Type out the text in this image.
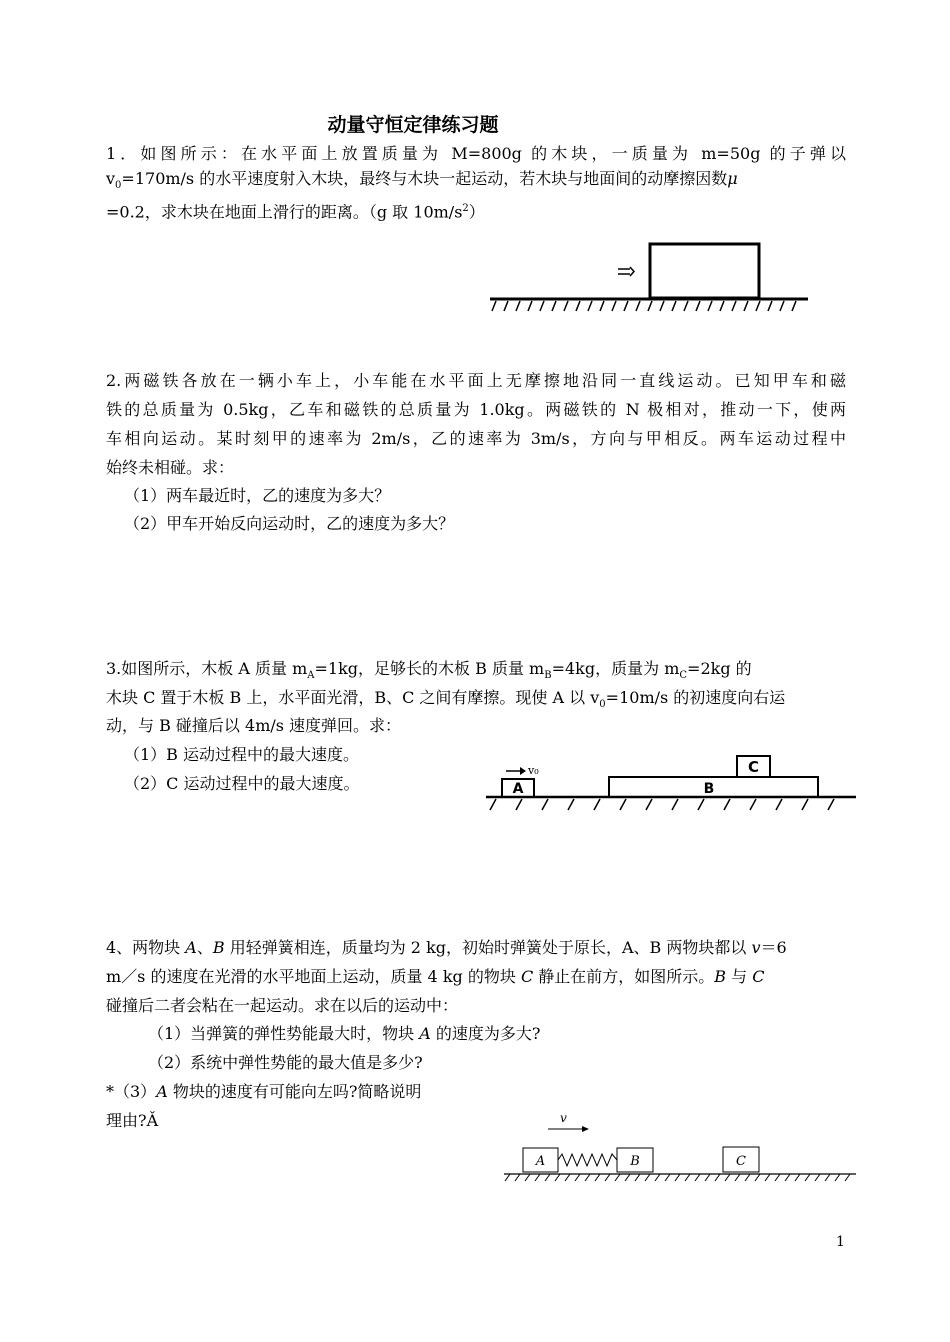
动量守恒定律练习题
1．如图所示：在水平面上放置质量为 M=800g 的木块，一质量为 m=50g 的子弹以
$v_0=170m/s$ 的水平速度射入木块，最终与木块一起运动，若木块与地面间的动摩擦因数μ
=0.2，求木块在地面上滑行的距离。（g 取 $10m/s^2$）
2.两磁铁各放在一辆小车上，小车能在水平面上无摩擦地沿同一直线运动。已知甲车和磁
铁的总质量为 0.5kg，乙车和磁铁的总质量为 1.0kg。两磁铁的 N 极相对，推动一下，使两
车相向运动。某时刻甲的速率为 2m/s，乙的速率为 3m/s，方向与甲相反。两车运动过程中
始终未相碰。求：
（1）两车最近时，乙的速度为多大？
（2）甲车开始反向运动时，乙的速度为多大？
3.如图所示，木板 A 质量 $m_A=1kg$，足够长的木板 B 质量 $m_B=4kg$，质量为 $m_C=2kg$ 的
木块 C 置于木板 B 上，水平面光滑，B、C 之间有摩擦。现使 A 以 $v_0=10m/s$ 的初速度向右运
动，与 B 碰撞后以 4m/s 速度弹回。求：
（1）B 运动过程中的最大速度。
（2）C 运动过程中的最大速度。	A
v₀
B
C
4、两物块 A、B 用轻弹簧相连，质量均为 2 kg，初始时弹簧处于原长，A、B 两物块都以 v＝6
m／s 的速度在光滑的水平地面上运动，质量 4 kg 的物块 C 静止在前方，如图所示。B 与 C
碰撞后二者会粘在一起运动。求在以后的运动中：
（1）当弹簧的弹性势能最大时，物块 A 的速度为多大?
（2）系统中弹性势能的最大值是多少?
*（3）A 物块的速度有可能向左吗?简略说明
理由?Ǎ	v
A	B	C
1
